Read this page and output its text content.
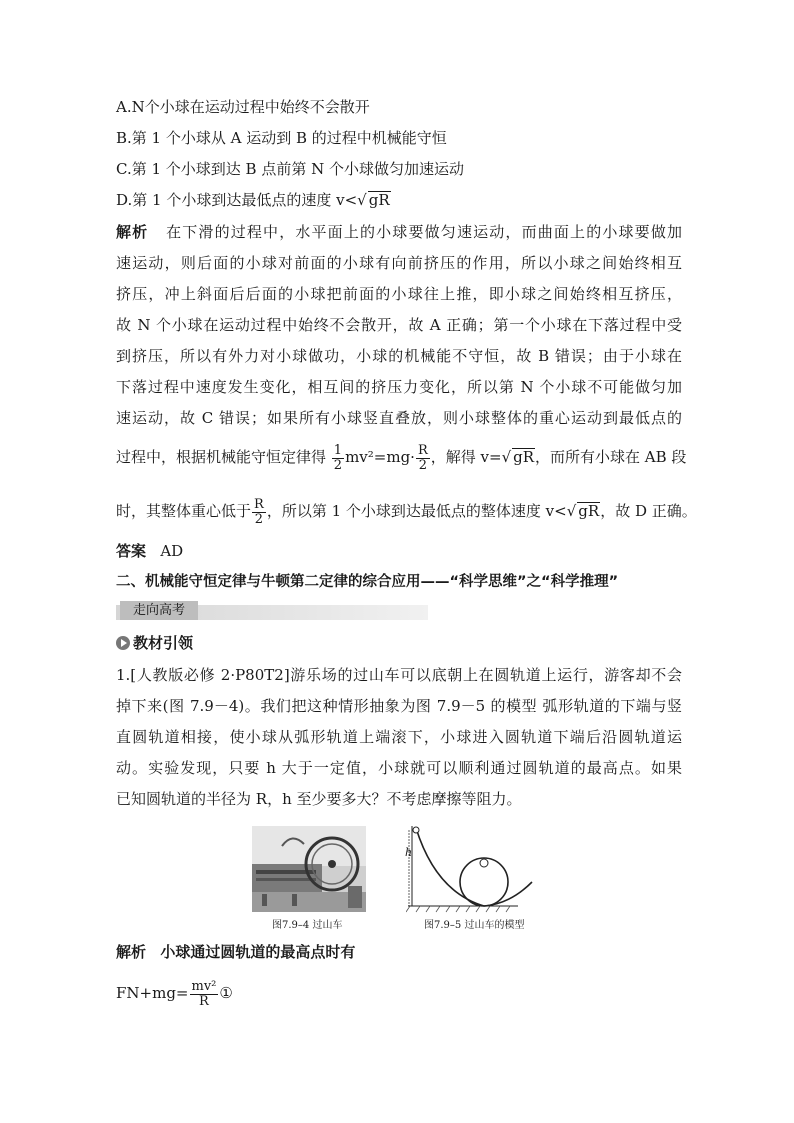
A.N个小球在运动过程中始终不会散开
B.第 1 个小球从 A 运动到 B 的过程中机械能守恒
C.第 1 个小球到达 B 点前第 N 个小球做匀加速运动
D.第 1 个小球到达最低点的速度 v<√ gR
解析 在下滑的过程中，水平面上的小球要做匀速运动，而曲面上的小球要做加
速运动，则后面的小球对前面的小球有向前挤压的作用，所以小球之间始终相互
挤压，冲上斜面后后面的小球把前面的小球往上推，即小球之间始终相互挤压，
故 N 个小球在运动过程中始终不会散开，故 A 正确；第一个小球在下落过程中受
到挤压，所以有外力对小球做功，小球的机械能不守恒，故 B 错误；由于小球在
下落过程中速度发生变化，相互间的挤压力变化，所以第 N 个小球不可能做匀加
速运动，故 C 错误；如果所有小球竖直叠放，则小球整体的重心运动到最低点的
过程中，根据机械能守恒定律得 $\frac{1}{2} mv^2=mg\cdot \frac{R}{2}$ ，解得 v=√ gR，而所有小球在 AB 段
时，其整体重心低于 $\frac{R}{2}$ ，所以第 1 个小球到达最低点的整体速度 v<√ gR，故 D 正确。
答案 AD
二、机械能守恒定律与牛顿第二定律的综合应用——“科学思维”之“科学推理”
走向高考
教材引领
1.[人教版必修 2·P80T2]游乐场的过山车可以底朝上在圆轨道上运行，游客却不会
掉下来(图 7.9－4)。我们把这种情形抽象为图 7.9－5 的模型 弧形轨道的下端与竖
直圆轨道相接，使小球从弧形轨道上端滚下，小球进入圆轨道下端后沿圆轨道运
动。实验发现，只要 h 大于一定值，小球就可以顺利通过圆轨道的最高点。如果
已知圆轨道的半径为 R，h 至少要多大？不考虑摩擦等阻力。
图7.9–4 过山车
h
图7.9–5 过山车的模型
解析 小球通过圆轨道的最高点时有
$FN+mg= \frac{\text{mv²}}{R}$ ①
